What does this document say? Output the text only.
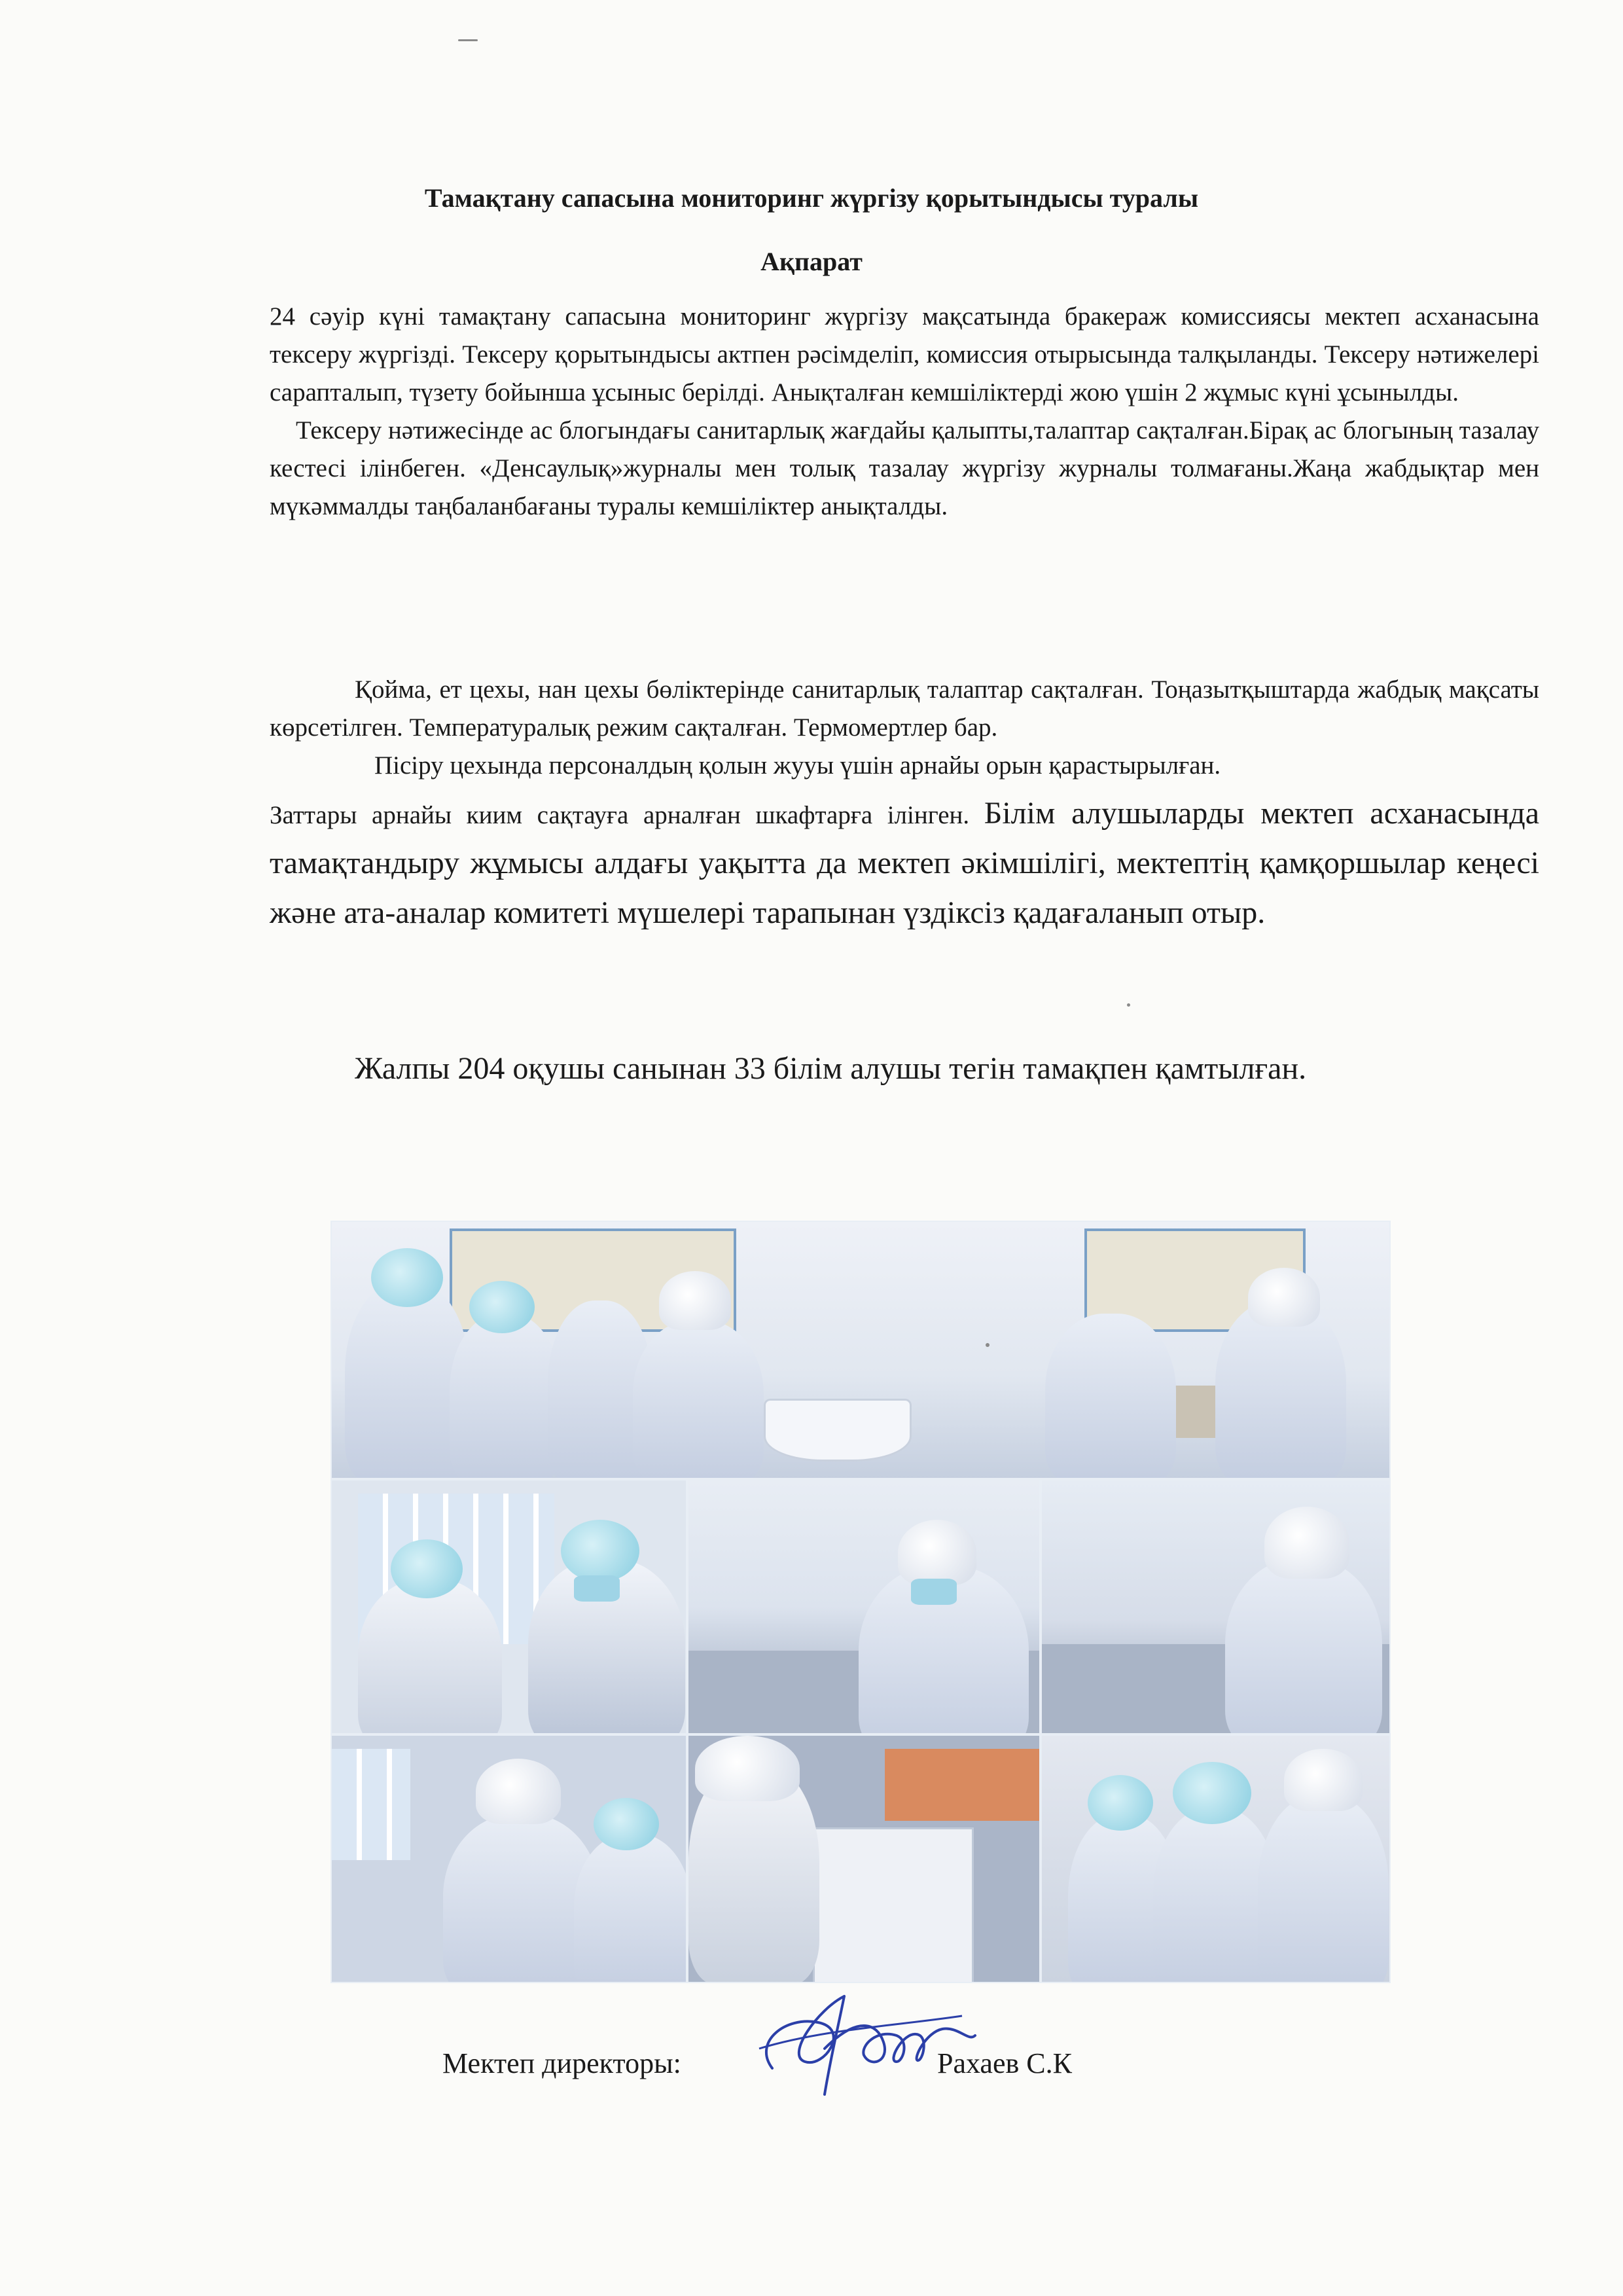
Тамақтану сапасына мониторинг жүргізу қорытындысы туралы
Ақпарат

24 сәуір күні тамақтану сапасына мониторинг жүргізу мақсатында бракераж комиссиясы мектеп асханасына тексеру жүргізді. Тексеру қорытындысы актпен рәсімделіп, комиссия отырысында талқыланды. Тексеру нәтижелері сарапталып, түзету бойынша ұсыныс берілді. Анықталған кемшіліктерді жою үшін 2 жұмыс күні ұсынылды.

Тексеру нәтижесінде ас блогындағы санитарлық жағдайы қалыпты,талаптар сақталған.Бірақ ас блогының тазалау кестесі ілінбеген. «Денсаулық»журналы мен толық тазалау жүргізу журналы толмағаны.Жаңа жабдықтар мен мүкәммалды таңбаланбағаны туралы кемшіліктер анықталды.

Қойма, ет цехы, нан цехы бөліктерінде санитарлық талаптар сақталған. Тоңазытқыштарда жабдық мақсаты көрсетілген. Температуралық режим сақталған. Термомертлер бар.

Пісіру цехында персоналдың қолын жууы үшін арнайы орын қарастырылған.

Заттары арнайы киим сақтауға арналған шкафтарға ілінген. Білім алушыларды мектеп асханасында тамақтандыру жұмысы алдағы уақытта да мектеп әкімшілігі, мектептің қамқоршылар кеңесі және ата-аналар комитеті мүшелері тарапынан үздіксіз қадағаланып отыр.

Жалпы 204 оқушы санынан 33 білім алушы тегін тамақпен қамтылған.
Мектеп директоры:	Рахаев С.К
